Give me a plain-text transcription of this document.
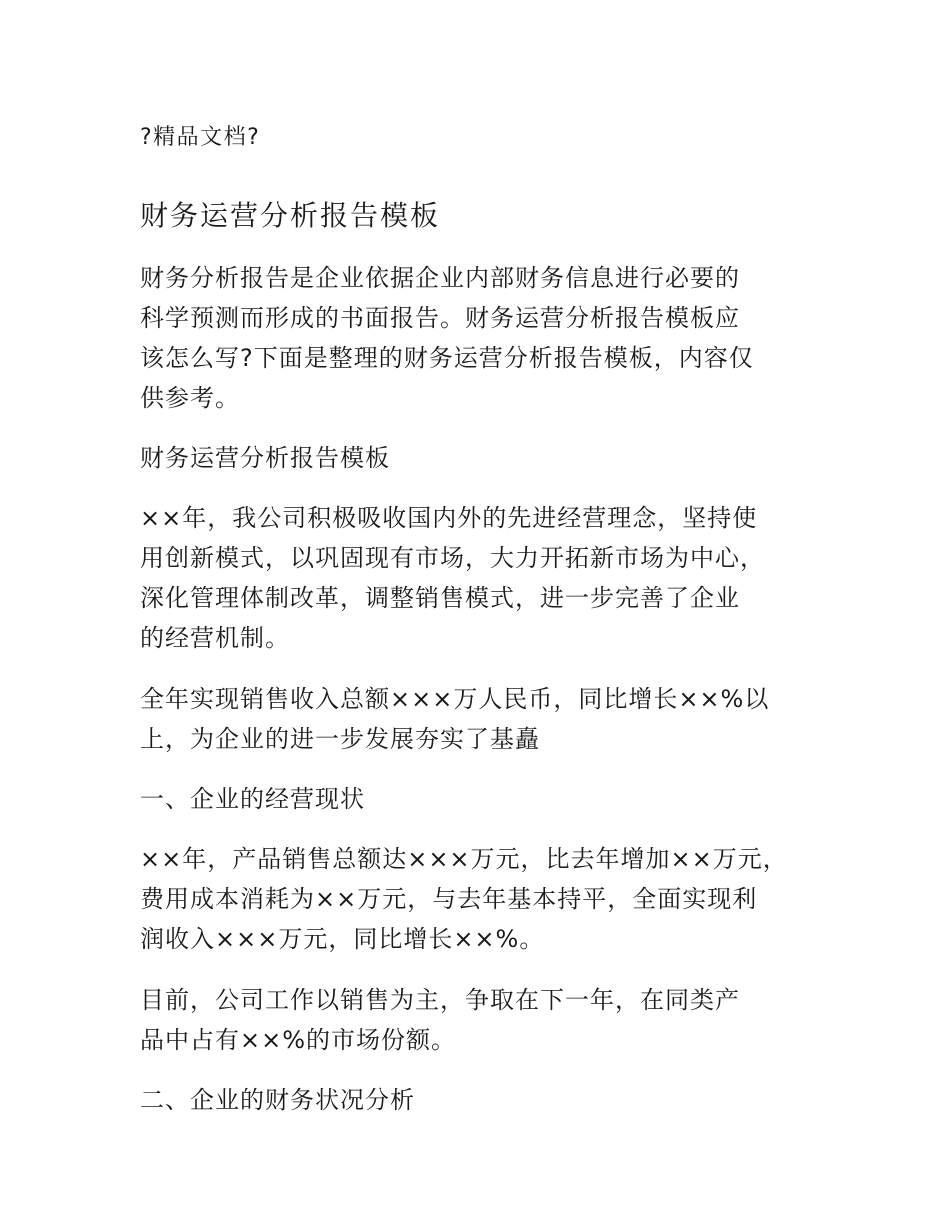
?精品文档?
财务运营分析报告模板
财务分析报告是企业依据企业内部财务信息进行必要的
科学预测而形成的书面报告。财务运营分析报告模板应
该怎么写?下面是整理的财务运营分析报告模板，内容仅
供参考。
财务运营分析报告模板
××年，我公司积极吸收国内外的先进经营理念，坚持使
用创新模式，以巩固现有市场，大力开拓新市场为中心，
深化管理体制改革，调整销售模式，进一步完善了企业
的经营机制。
全年实现销售收入总额×××万人民币，同比增长××%以
上，为企业的进一步发展夯实了基矗
一、企业的经营现状
××年，产品销售总额达×××万元，比去年增加××万元，
费用成本消耗为××万元，与去年基本持平，全面实现利
润收入×××万元，同比增长××%。
目前，公司工作以销售为主，争取在下一年，在同类产
品中占有××%的市场份额。
二、企业的财务状况分析
